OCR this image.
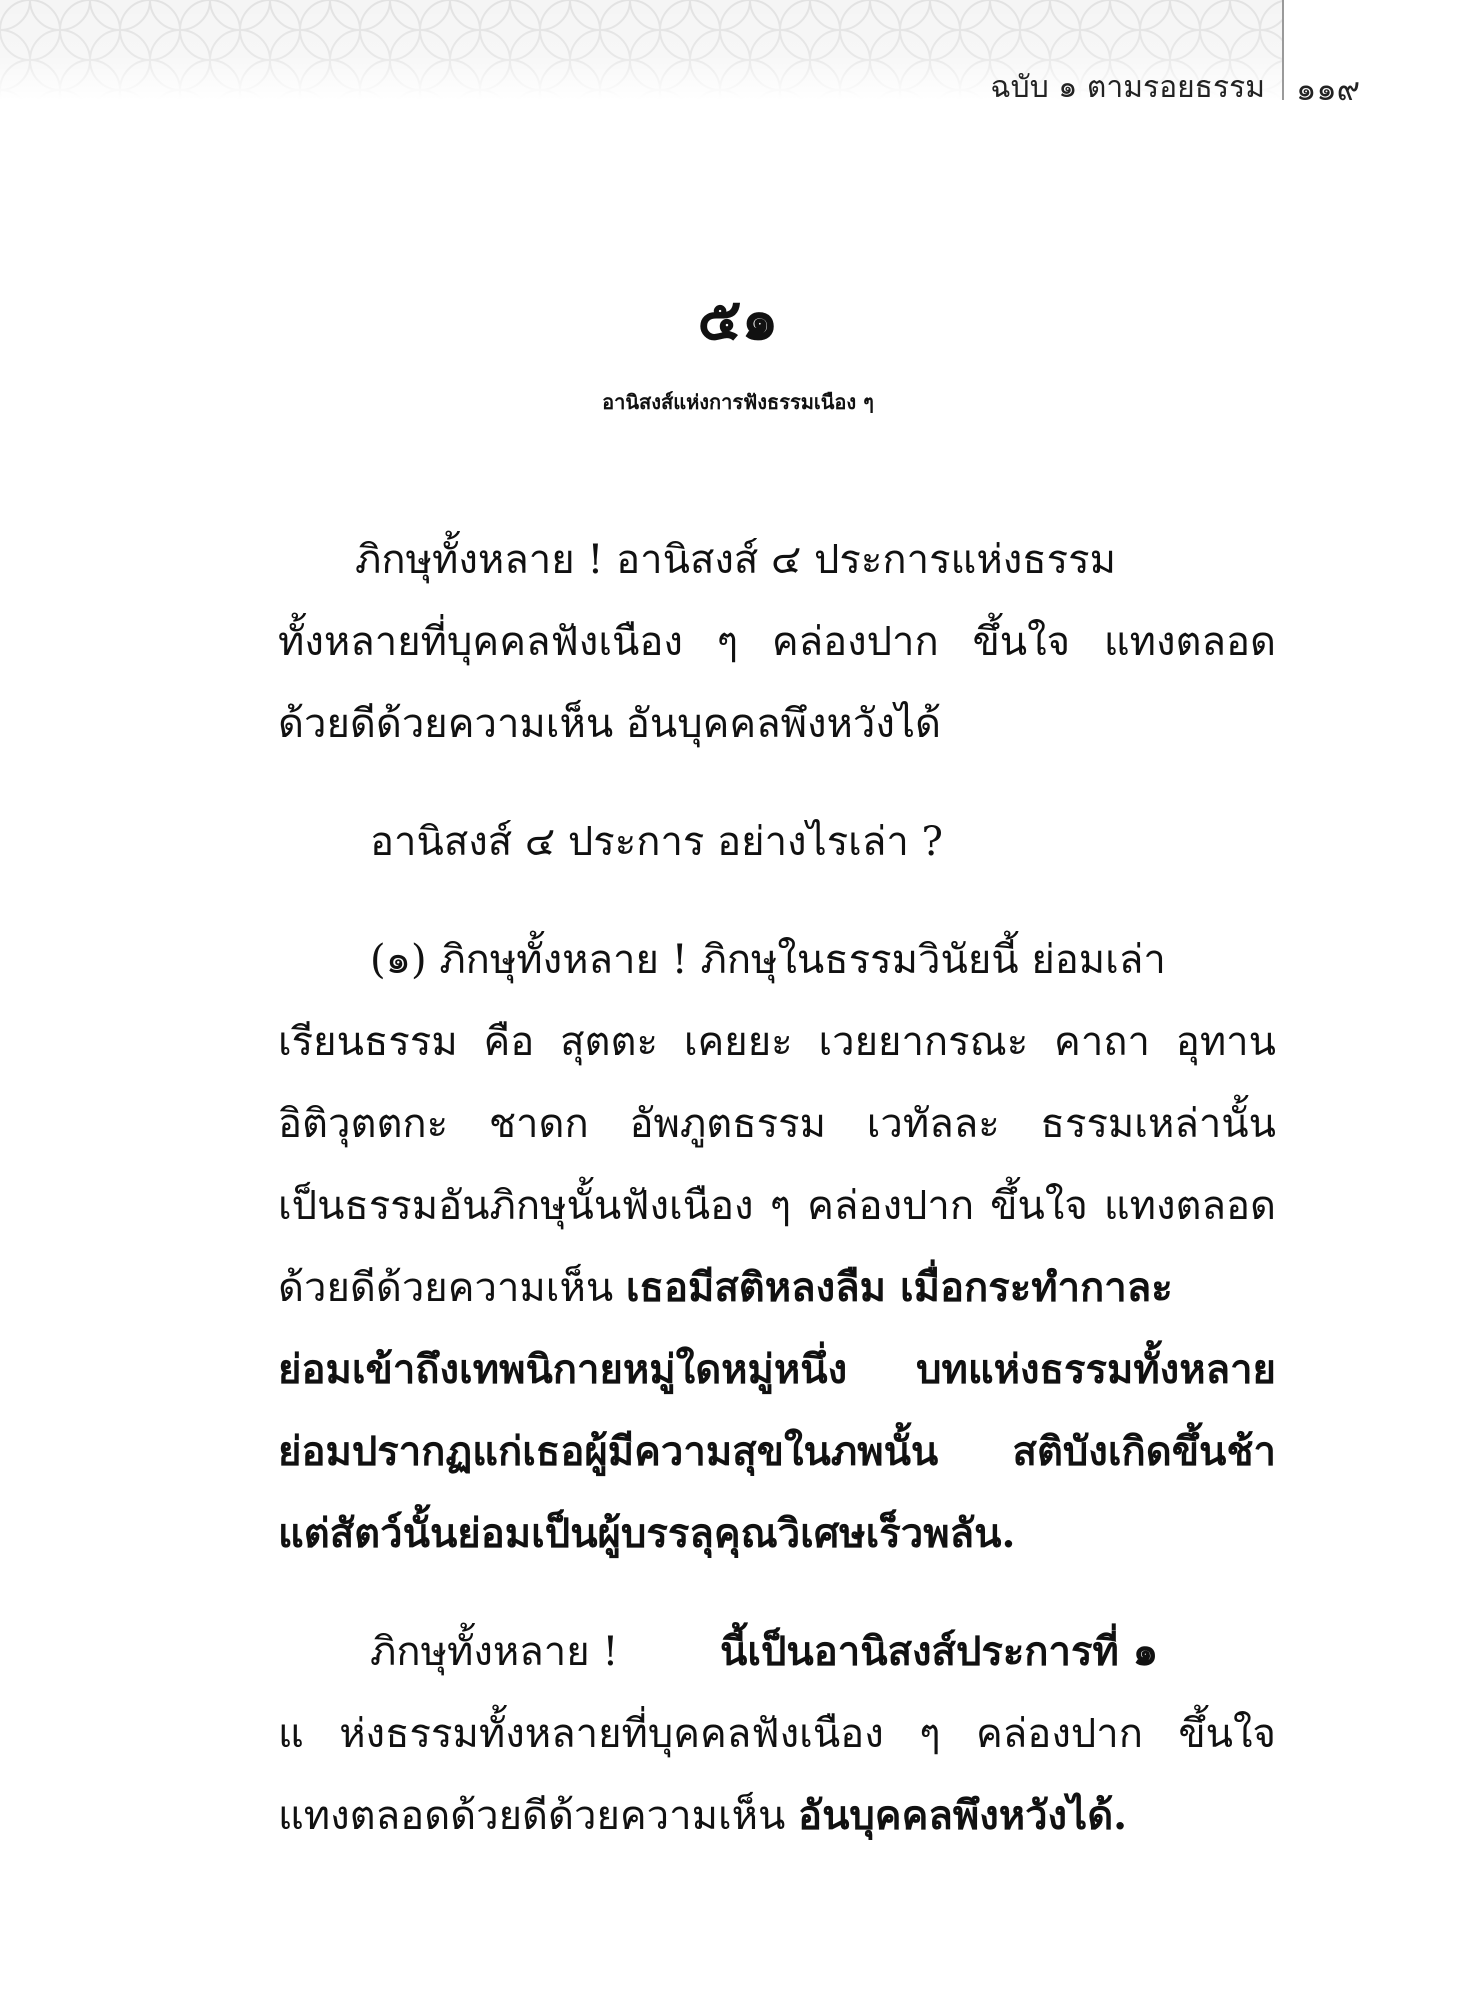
ฉบับ ๑ ตามรอยธรรม ๑๑๙
๕๑
อานิสงส์แห่งการฟังธรรมเนือง ๆ
ภิกษุทั้งหลาย ! อานิสงส์ ๔ ประการแห่งธรรม
ทั้งหลายที่บุคคลฟังเนือง ๆ คล่องปาก ขึ้นใจ แทงตลอด
ด้วยดีด้วยความเห็น อันบุคคลพึงหวังได้
อานิสงส์ ๔ ประการ อย่างไรเล่า ?
(๑) ภิกษุทั้งหลาย ! ภิกษุในธรรมวินัยนี้ ย่อมเล่า
เรียนธรรม คือ สุตตะ เคยยะ เวยยากรณะ คาถา อุทาน
อิติวุตตกะ ชาดก อัพภูตธรรม เวทัลละ ธรรมเหล่านั้น
เป็นธรรมอันภิกษุนั้นฟังเนือง ๆ คล่องปาก ขึ้นใจ แทงตลอด
ด้วยดีด้วยความเห็น เธอมีสติหลงลืม เมื่อกระทำกาละ
ย่อมเข้าถึงเทพนิกายหมู่ใดหมู่หนึ่ง บทแห่งธรรมทั้งหลาย
ย่อมปรากฏแก่เธอผู้มีความสุขในภพนั้น สติบังเกิดขึ้นช้า
แต่สัตว์นั้นย่อมเป็นผู้บรรลุคุณวิเศษเร็วพลัน.
ภิกษุทั้งหลาย !	นี้เป็นอานิสงส์ประการที่ ๑
แ ห่งธรรมทั้งหลายที่บุคคลฟังเนือง ๆ คล่องปาก ขึ้นใจ
แทงตลอดด้วยดีด้วยความเห็น อันบุคคลพึงหวังได้.
